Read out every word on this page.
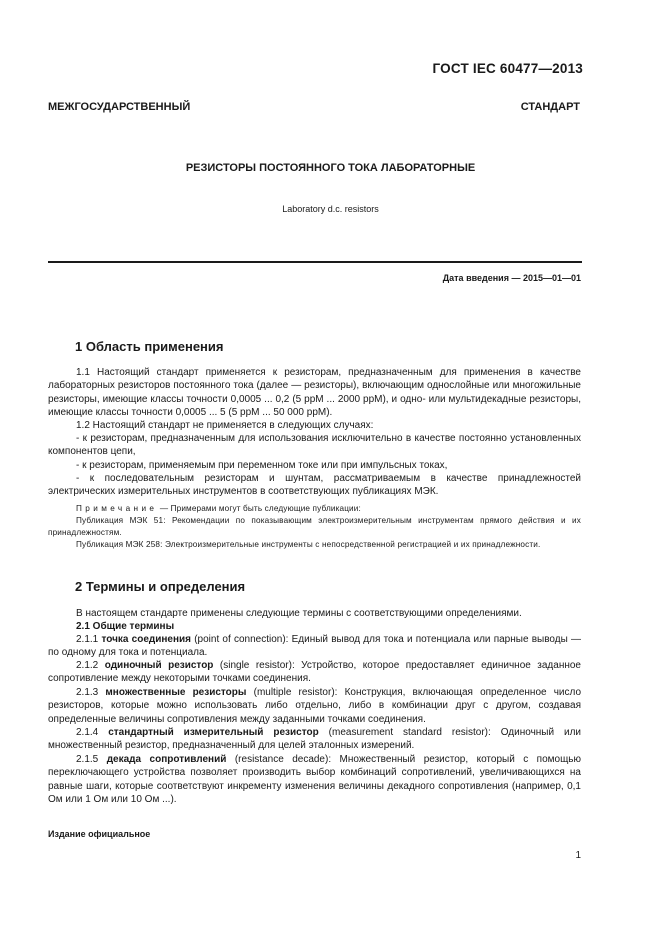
ГОСТ IEC 60477—2013
МЕЖГОСУДАРСТВЕННЫЙ СТАНДАРТ
РЕЗИСТОРЫ ПОСТОЯННОГО ТОКА ЛАБОРАТОРНЫЕ
Laboratory d.c. resistors
Дата введения — 2015—01—01
1 Область применения

1.1 Настоящий стандарт применяется к резисторам, предназначенным для применения в качестве лабораторных резисторов постоянного тока (далее — резисторы), включающим однослойные или многожильные резисторы, имеющие классы точности 0,0005 ... 0,2 (5 ppM ... 2000 ppM), и одно- или мультидекадные резисторы, имеющие классы точности 0,0005 ... 5 (5 ppM ... 50 000 ppM).

1.2 Настоящий стандарт не применяется в следующих случаях:

- к резисторам, предназначенным для использования исключительно в качестве постоянно установленных компонентов цепи,

- к резисторам, применяемым при переменном токе или при импульсных токах,

- к последовательным резисторам и шунтам, рассматриваемым в качестве принадлежностей электрических измерительных инструментов в соответствующих публикациях МЭК.

Примечание — Примерами могут быть следующие публикации:

Публикация МЭК 51: Рекомендации по показывающим электроизмерительным инструментам прямого действия и их принадлежностям.

Публикация МЭК 258: Электроизмерительные инструменты с непосредственной регистрацией и их принадлежности.

2 Термины и определения

В настоящем стандарте применены следующие термины с соответствующими определениями.

2.1 Общие термины

2.1.1 точка соединения (point of connection): Единый вывод для тока и потенциала или парные выводы — по одному для тока и потенциала.

2.1.2 одиночный резистор (single resistor): Устройство, которое предоставляет единичное заданное сопротивление между некоторыми точками соединения.

2.1.3 множественные резисторы (multiple resistor): Конструкция, включающая определенное число резисторов, которые можно использовать либо отдельно, либо в комбинации друг с другом, создавая определенные величины сопротивления между заданными точками соединения.

2.1.4 стандартный измерительный резистор (measurement standard resistor): Одиночный или множественный резистор, предназначенный для целей эталонных измерений.

2.1.5 декада сопротивлений (resistance decade): Множественный резистор, который с помощью переключающего устройства позволяет производить выбор комбинаций сопротивлений, увеличивающихся на равные шаги, которые соответствуют инкременту изменения величины декадного сопротивления (например, 0,1 Ом или 1 Ом или 10 Ом ...).

Издание официальное
1
